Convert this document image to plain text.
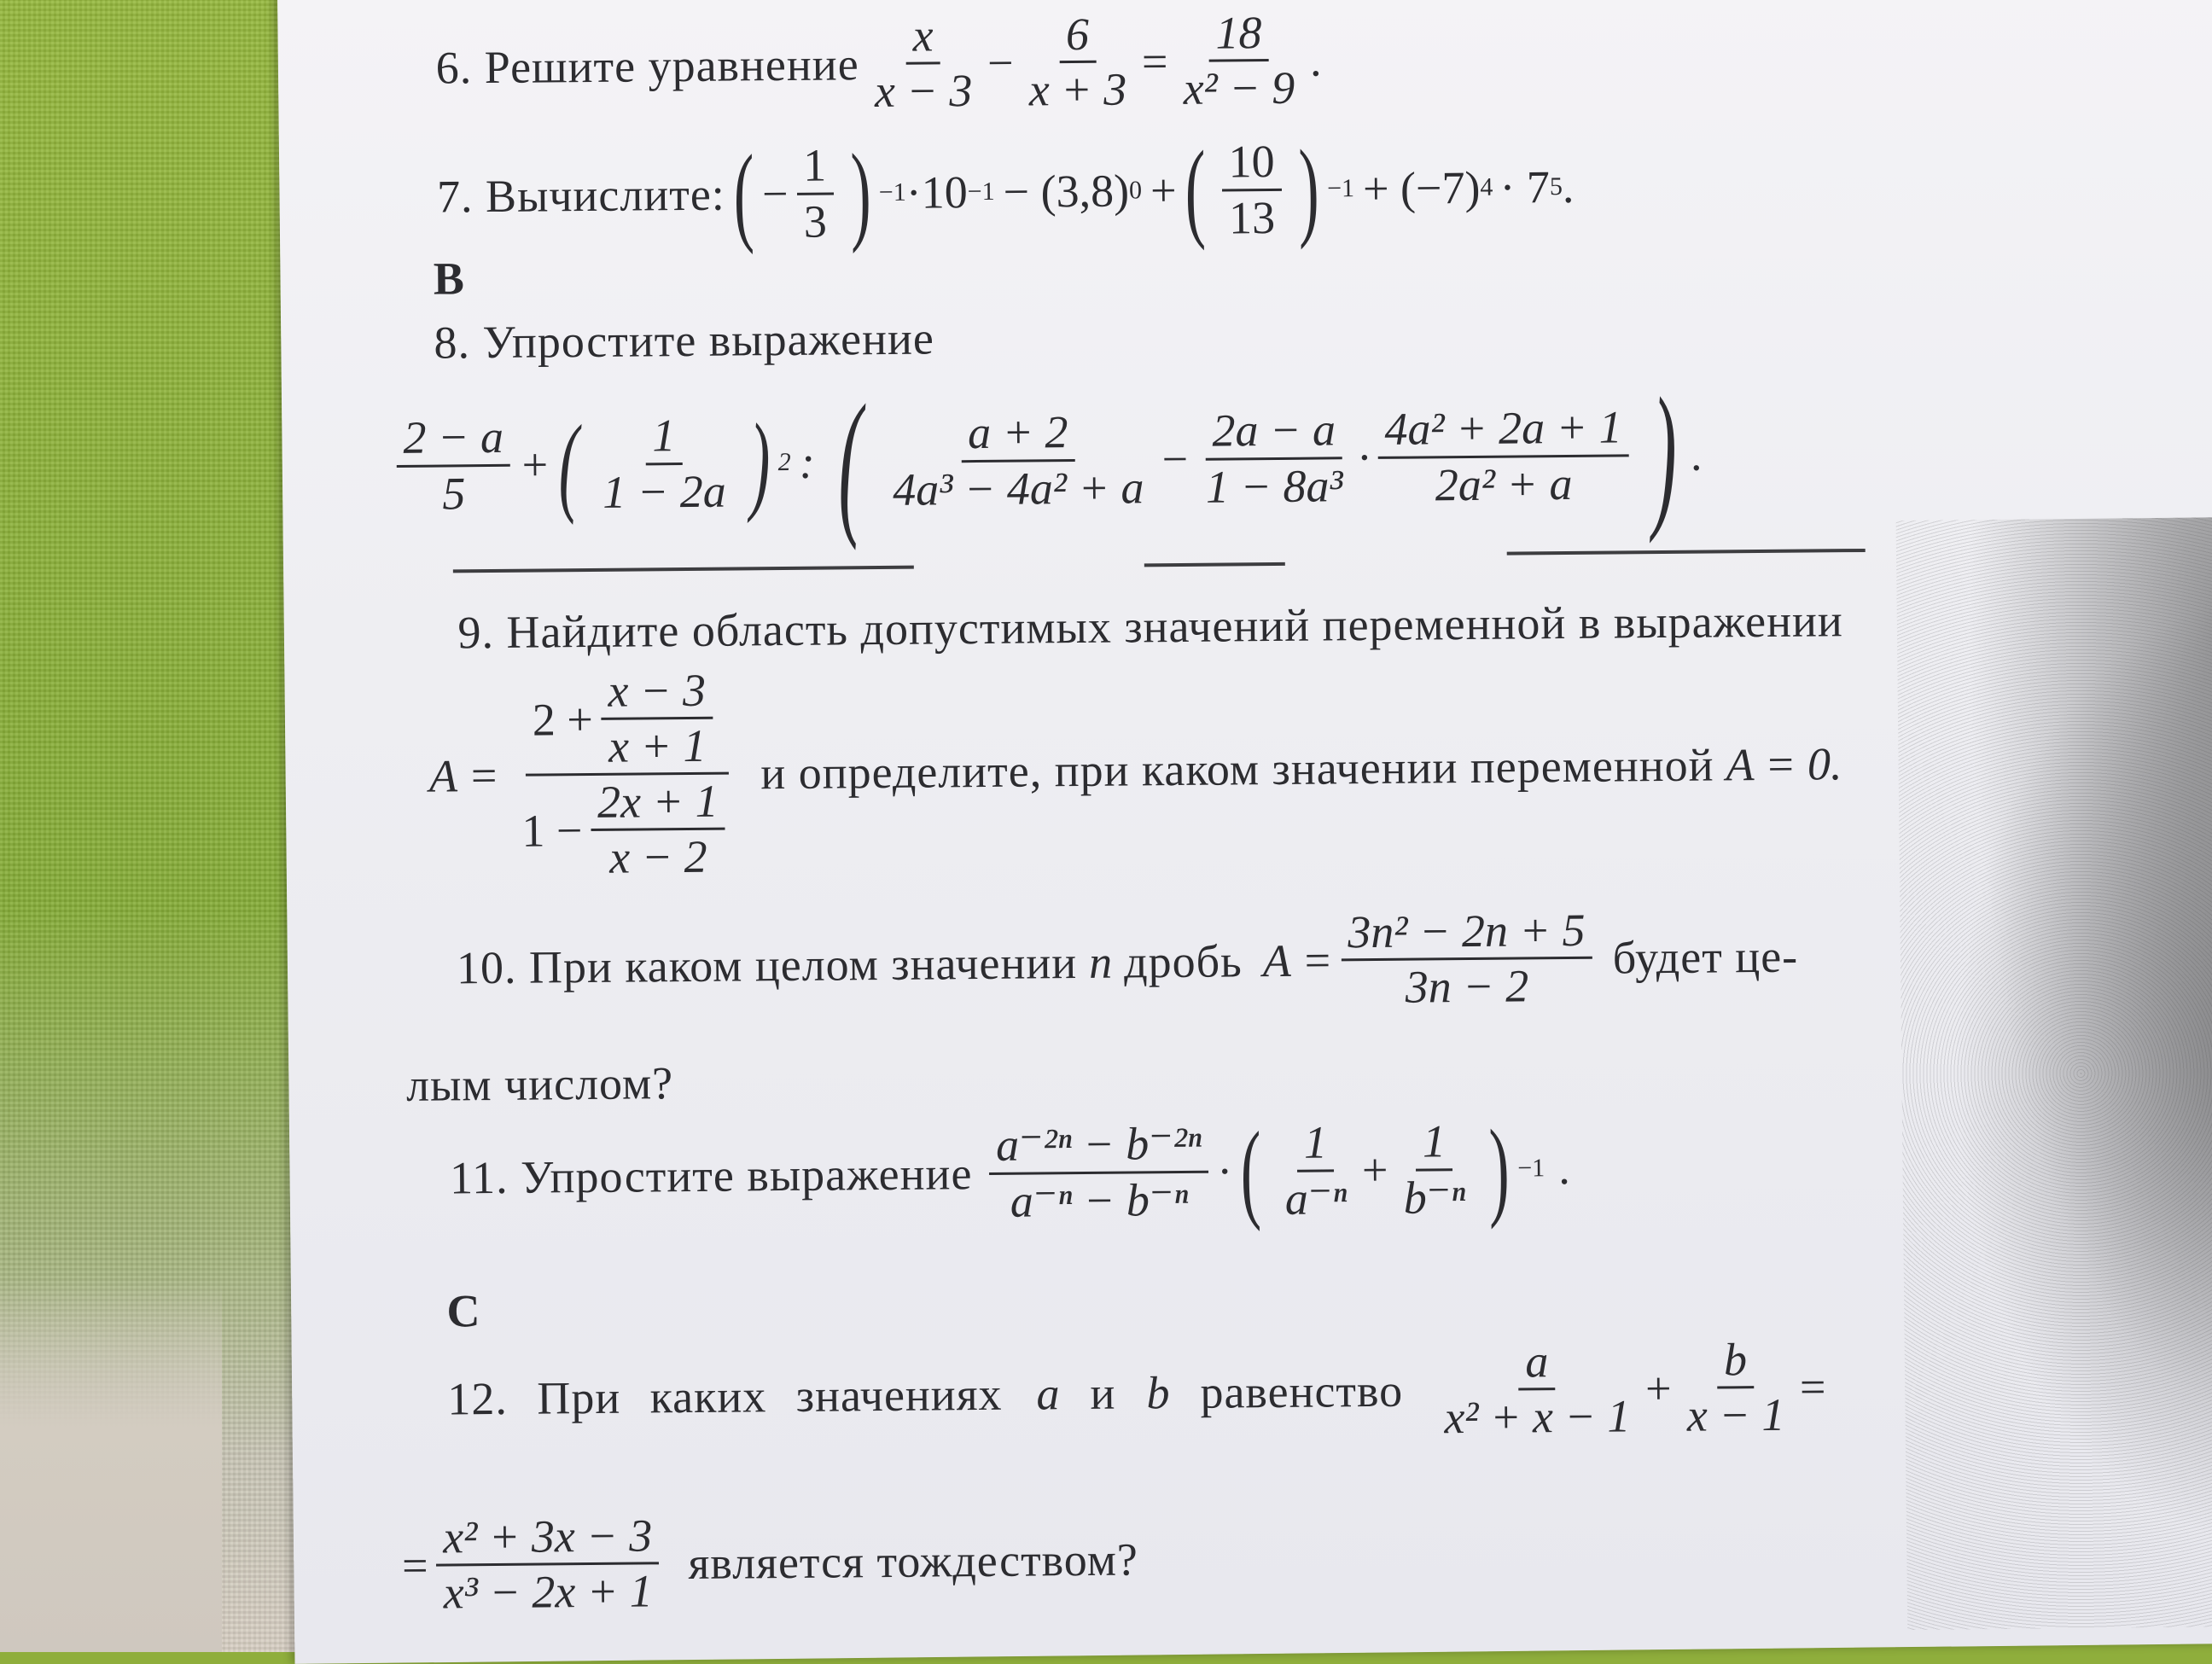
6. Решите уравнение $\frac{x}{x - 3} - \frac{6}{x + 3} = \frac{18}{\text{x² − 9}}$ .
7. Вычислите: ( − $\frac{1}{3}$ ) −1 ·10 −1 − (3,8) 0 + ( $\frac{10}{13}$ ) −1 + (−7) 4 · 7 5 .
В
8. Упростите выражение
$\frac{2 - a}{5}$ + ( $\frac{1}{1 - 2a}$ ) 2 : ( $\frac{a + 2}{\text{4a³ − 4a² + a}} - \frac{2a - a}{\text{1 − 8a³}} \cdot \frac{\text{4a² + 2a + 1}}{\text{2a² + a}}$ ) .
9. Найдите область допустимых значений переменной в выражении
$A = \frac{2 + \frac{x - 3}{x + 1}}{1 - \frac{2x + 1}{x - 2}}$ и определите, при каком значении переменной A = 0.
10. При каком целом значении n дробь $A = \frac{\text{3n² − 2n + 5}}{3n - 2}$ будет це-
лым числом?
11. Упростите выражение $\frac{\text{a⁻²ⁿ − b⁻²ⁿ}}{\text{a⁻ⁿ − b⁻ⁿ}}$ · ( $\frac{1}{\text{a⁻ⁿ}} + \frac{1}{\text{b⁻ⁿ}}$ ) −1 .
С
12. При каких значениях a и b равенство $\frac{a}{\text{x² + x − 1}} + \frac{b}{x - 1}$ =
= $\frac{\text{x² + 3x − 3}}{\text{x³ − 2x + 1}}$ является тождеством?
